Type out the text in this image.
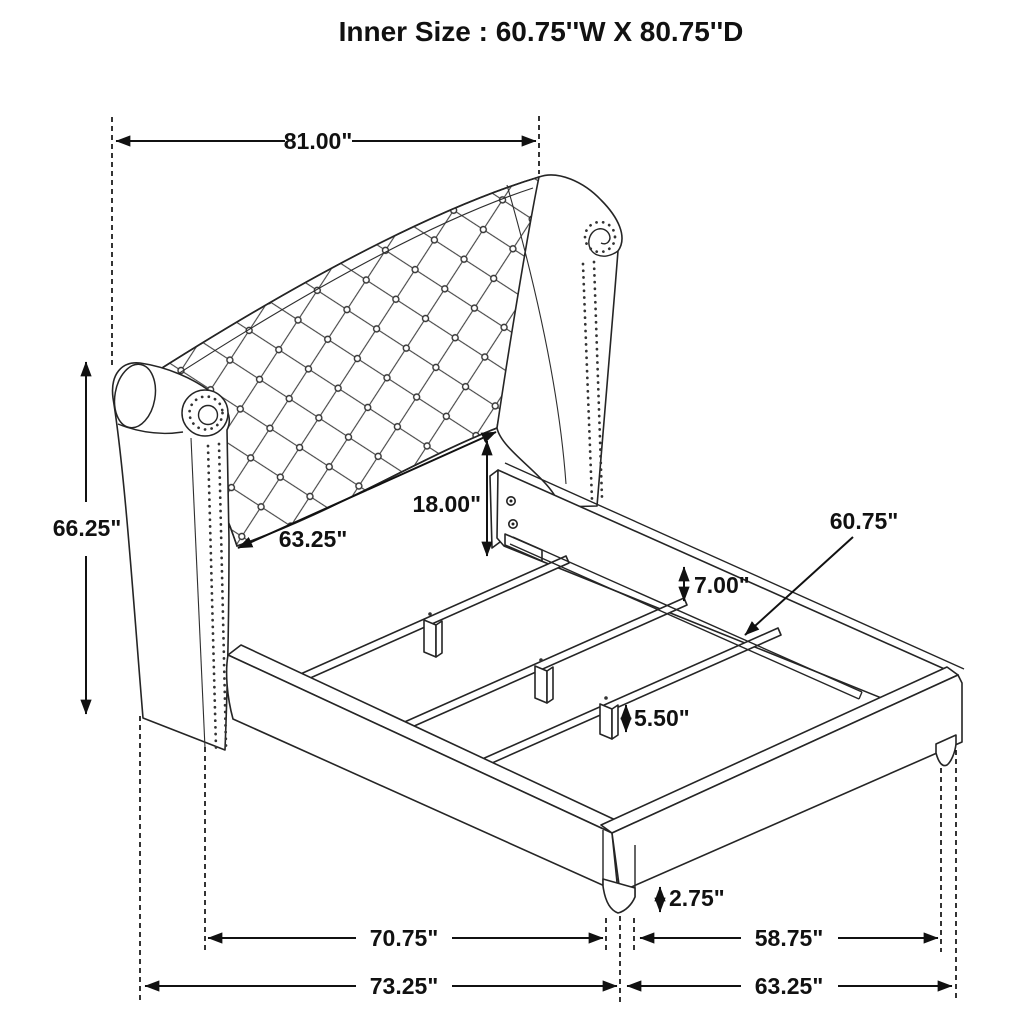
Inner Size : 60.75''W X 80.75''D
81.00"
66.25"	63.25"
18.00"
7.00"
60.75"
5.50"
2.75"
70.75"
73.25"
58.75"
63.25"
